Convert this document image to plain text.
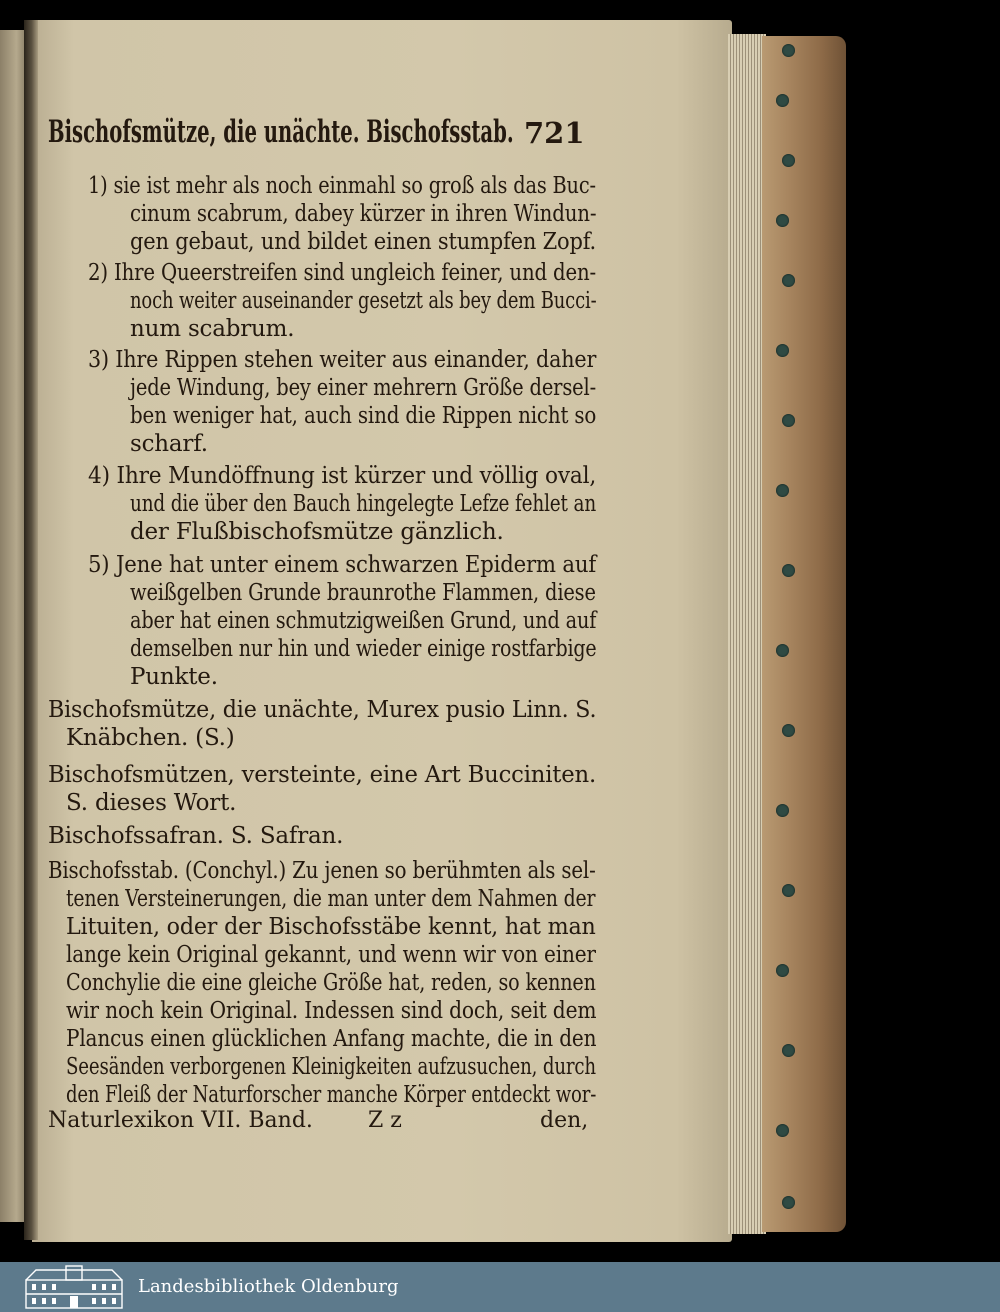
Bischofsmütze, die unächte. Bischofsstab. 721
1) sie ist mehr als noch einmahl so groß als das Buc-
cinum scabrum, dabey kürzer in ihren Windun-
gen gebaut, und bildet einen stumpfen Zopf.
2) Ihre Queerstreifen sind ungleich feiner, und den-
noch weiter auseinander gesetzt als bey dem Bucci-
num scabrum.
3) Ihre Rippen stehen weiter aus einander, daher
jede Windung, bey einer mehrern Größe dersel-
ben weniger hat, auch sind die Rippen nicht so
scharf.
4) Ihre Mundöffnung ist kürzer und völlig oval,
und die über den Bauch hingelegte Lefze fehlet an
der Flußbischofsmütze gänzlich.
5) Jene hat unter einem schwarzen Epiderm auf
weißgelben Grunde braunrothe Flammen, diese
aber hat einen schmutzigweißen Grund, und auf
demselben nur hin und wieder einige rostfarbige
Punkte.
Bischofsmütze, die unächte, Murex pusio Linn. S.
Knäbchen. (S.)
Bischofsmützen, versteinte, eine Art Bucciniten.
S. dieses Wort.
Bischofssafran. S. Safran.
Bischofsstab. (Conchyl.) Zu jenen so berühmten als sel-
tenen Versteinerungen, die man unter dem Nahmen der
Lituiten, oder der Bischofsstäbe kennt, hat man
lange kein Original gekannt, und wenn wir von einer
Conchylie die eine gleiche Größe hat, reden, so kennen
wir noch kein Original. Indessen sind doch, seit dem
Plancus einen glücklichen Anfang machte, die in den
Seesänden verborgenen Kleinigkeiten aufzusuchen, durch
den Fleiß der Naturforscher manche Körper entdeckt wor-
Naturlexikon VII. Band.	Z z	den,
Landesbibliothek Oldenburg
